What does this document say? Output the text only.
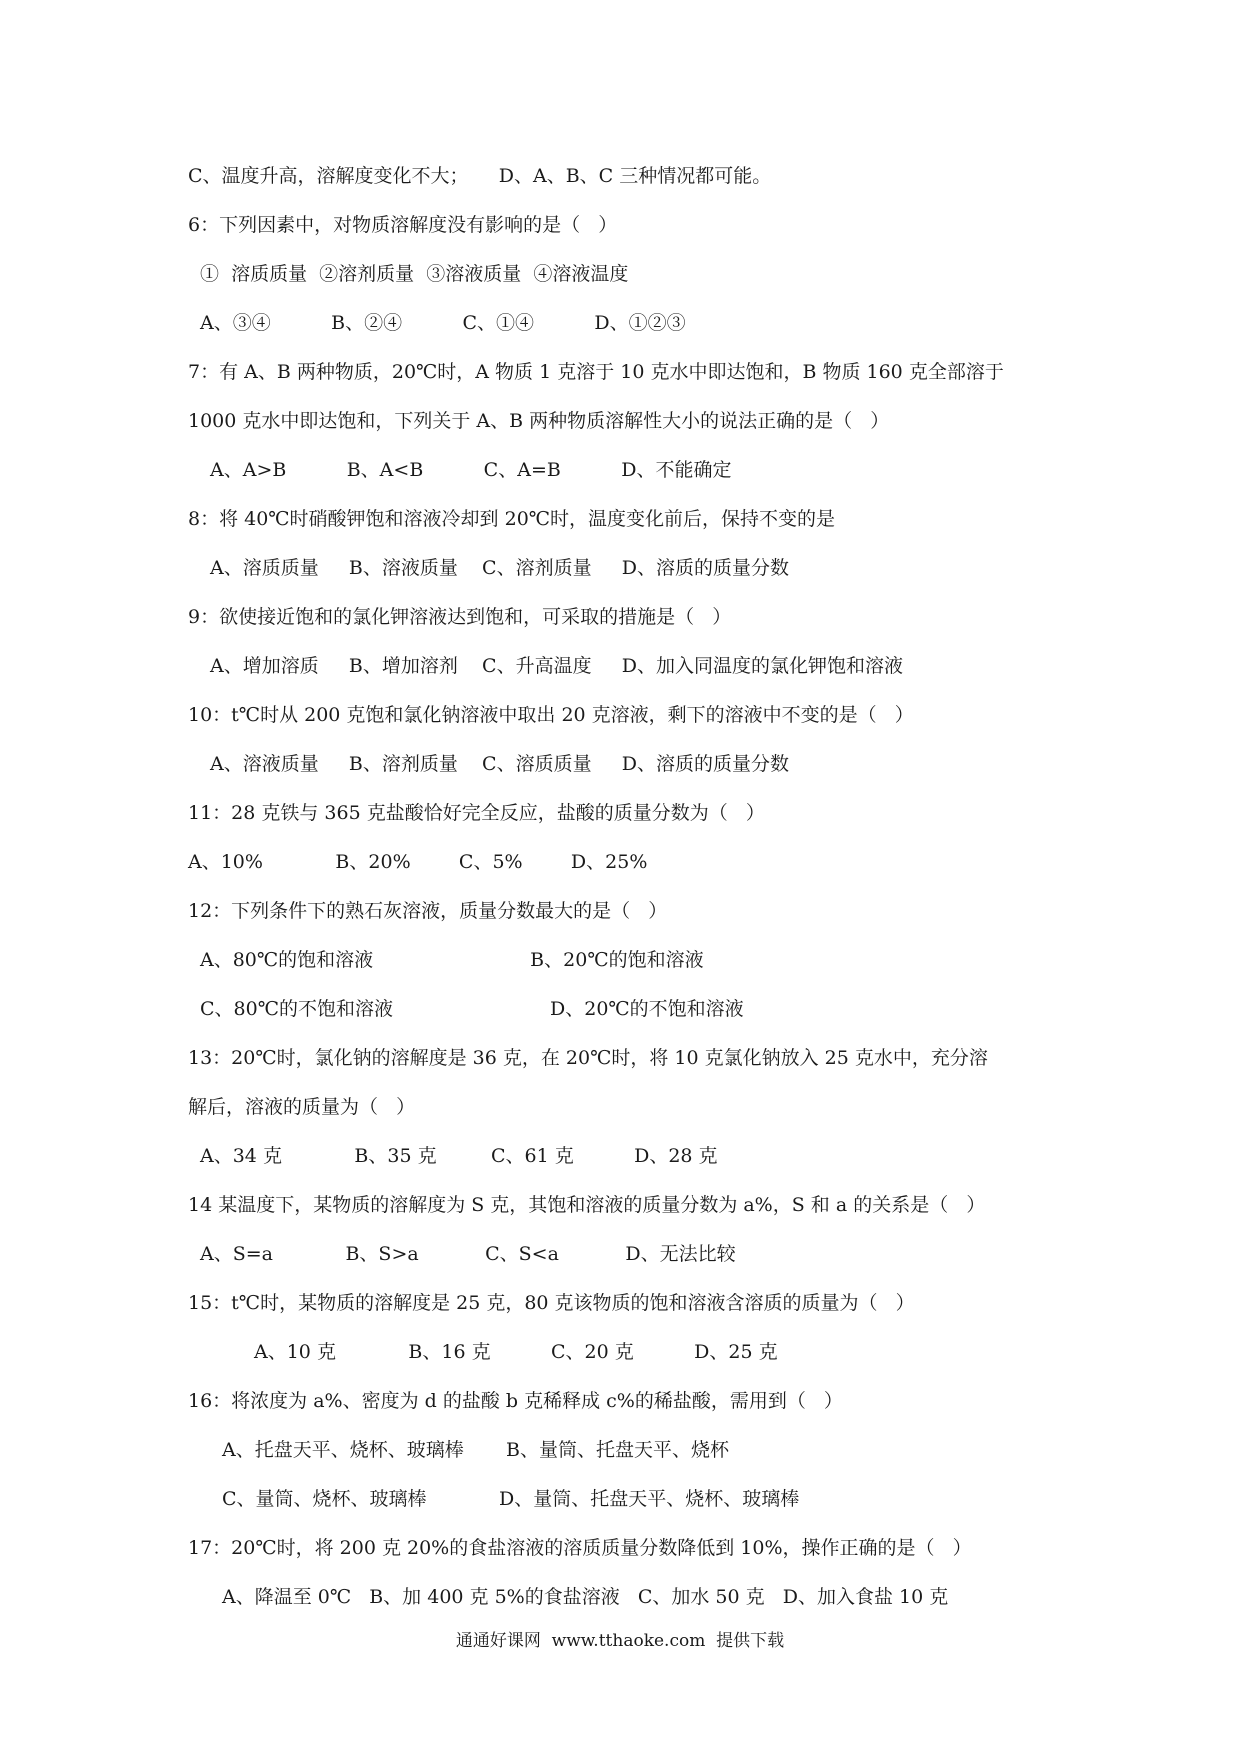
C、温度升高，溶解度变化不大；     D、A、B、C 三种情况都可能。
6：下列因素中，对物质溶解度没有影响的是（   ）
①  溶质质量  ②溶剂质量  ③溶液质量  ④溶液温度
A、③④          B、②④          C、①④          D、①②③
7：有 A、B 两种物质，20℃时，A 物质 1 克溶于 10 克水中即达饱和，B 物质 160 克全部溶于
1000 克水中即达饱和，下列关于 A、B 两种物质溶解性大小的说法正确的是（   ）
A、A>B          B、A<B          C、A=B          D、不能确定
8：将 40℃时硝酸钾饱和溶液冷却到 20℃时，温度变化前后，保持不变的是
A、溶质质量     B、溶液质量    C、溶剂质量     D、溶质的质量分数
9：欲使接近饱和的氯化钾溶液达到饱和，可采取的措施是（   ）
A、增加溶质     B、增加溶剂    C、升高温度     D、加入同温度的氯化钾饱和溶液
10：t℃时从 200 克饱和氯化钠溶液中取出 20 克溶液，剩下的溶液中不变的是（   ）
A、溶液质量     B、溶剂质量    C、溶质质量     D、溶质的质量分数
11：28 克铁与 365 克盐酸恰好完全反应，盐酸的质量分数为（   ）
A、10%            B、20%        C、5%        D、25%
12：下列条件下的熟石灰溶液，质量分数最大的是（   ）
A、80℃的饱和溶液                          B、20℃的饱和溶液
C、80℃的不饱和溶液                          D、20℃的不饱和溶液
13：20℃时，氯化钠的溶解度是 36 克，在 20℃时，将 10 克氯化钠放入 25 克水中，充分溶
解后，溶液的质量为（   ）
A、34 克            B、35 克         C、61 克          D、28 克
14 某温度下，某物质的溶解度为 S 克，其饱和溶液的质量分数为 a%，S 和 a 的关系是（   ）
A、S=a            B、S>a           C、S<a           D、无法比较
15：t℃时，某物质的溶解度是 25 克，80 克该物质的饱和溶液含溶质的质量为（   ）
A、10 克            B、16 克          C、20 克          D、25 克
16：将浓度为 a%、密度为 d 的盐酸 b 克稀释成 c%的稀盐酸，需用到（   ）
A、托盘天平、烧杯、玻璃棒       B、量筒、托盘天平、烧杯
C、量筒、烧杯、玻璃棒            D、量筒、托盘天平、烧杯、玻璃棒
17：20℃时，将 200 克 20%的食盐溶液的溶质质量分数降低到 10%，操作正确的是（   ）
A、降温至 0℃   B、加 400 克 5%的食盐溶液   C、加水 50 克   D、加入食盐 10 克
通通好课网  www.tthaoke.com  提供下载
